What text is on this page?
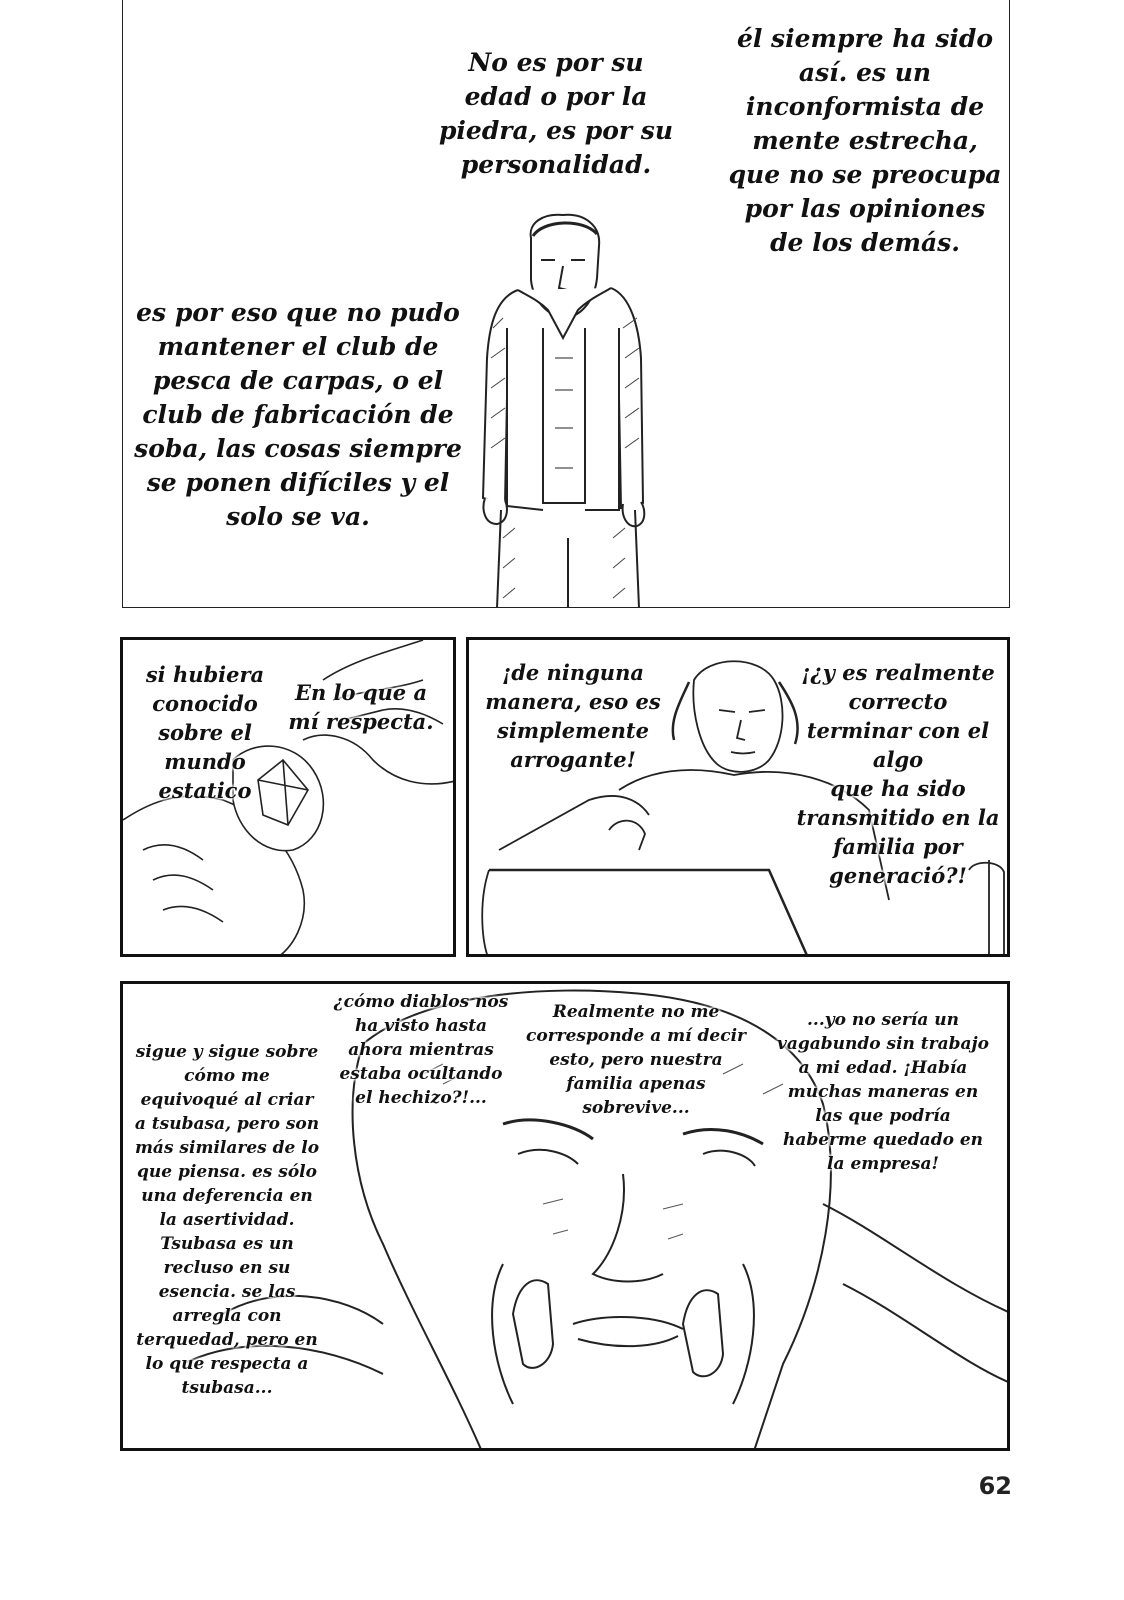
No es por su
edad o por la
piedra, es por su
personalidad.

él siempre ha sido
así. es un
inconformista de
mente estrecha,
que no se preocupa
por las opiniones
de los demás.

es por eso que no pudo
mantener el club de
pesca de carpas, o el
club de fabricación de
soba, las cosas siempre
se ponen difíciles y el
solo se va.

si hubiera
conocido
sobre el
mundo
estatico

En lo que a
mí respecta.

¡de ninguna
manera, eso es
simplemente
arrogante!

¡¿y es realmente
correcto
terminar con el
algo
que ha sido
transmitido en la
familia por
generació?!

sigue y sigue sobre
cómo me
equivoqué al criar
a tsubasa, pero son
más similares de lo
que piensa. es sólo
una deferencia en
la asertividad.
Tsubasa es un
recluso en su
esencia. se las
arregla con
terquedad, pero en
lo que respecta a
tsubasa...

¿cómo diablos nos
ha visto hasta
ahora mientras
estaba ocultando
el hechizo?!...

Realmente no me
corresponde a mí decir
esto, pero nuestra
familia apenas
sobrevive...

...yo no sería un
vagabundo sin trabajo
a mi edad. ¡Había
muchas maneras en
las que podría
haberme quedado en
la empresa!

62
